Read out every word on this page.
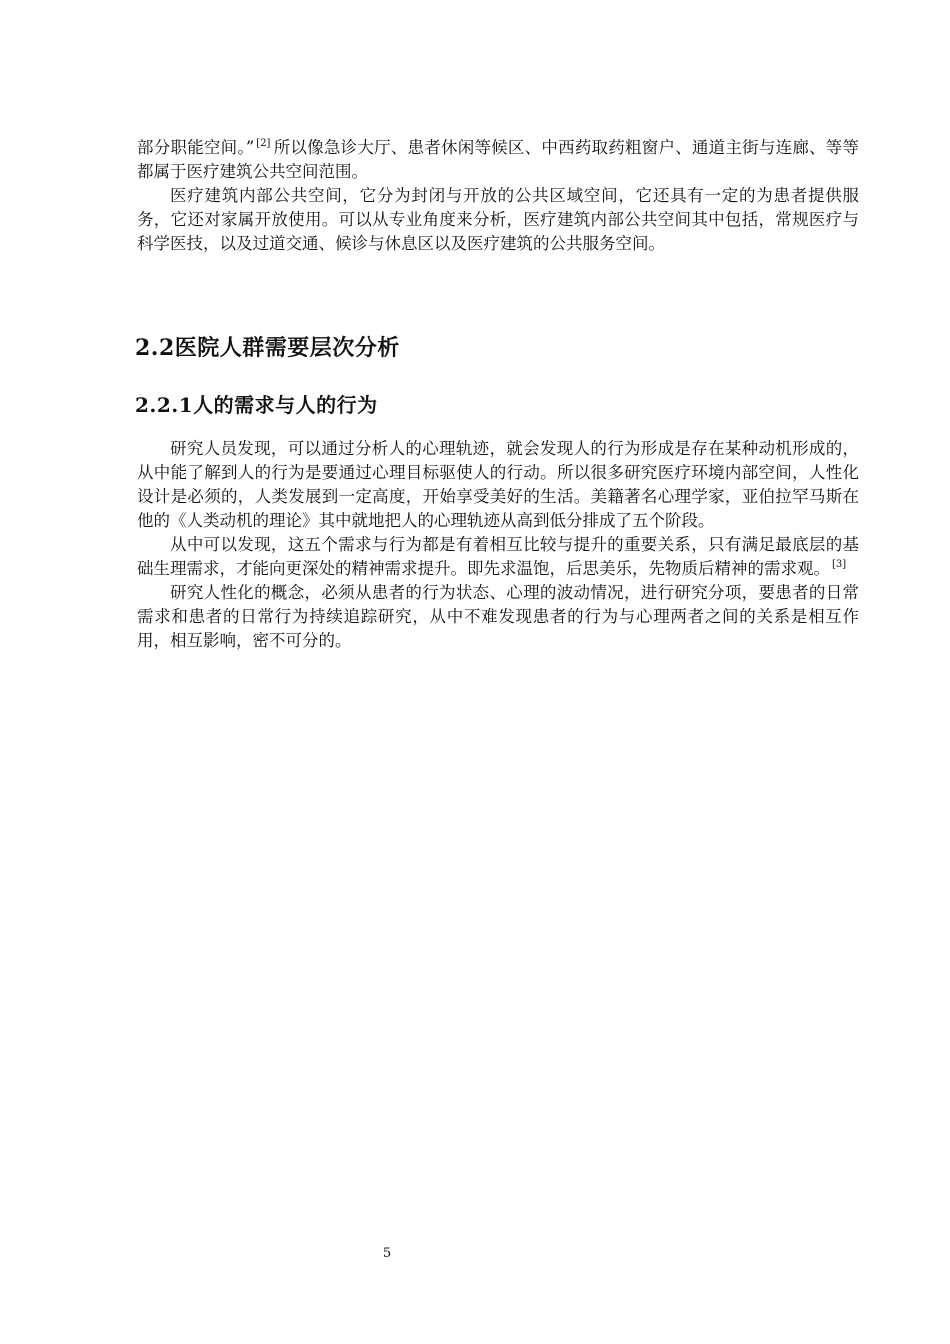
部分职能空间。” [2] 所以像急诊大厅、患者休闲等候区、中西药取药粗窗户、通道主街与连廊、等等都属于医疗建筑公共空间范围。

医疗建筑内部公共空间，它分为封闭与开放的公共区域空间，它还具有一定的为患者提供服务，它还对家属开放使用。可以从专业角度来分析，医疗建筑内部公共空间其中包括，常规医疗与科学医技，以及过道交通、候诊与休息区以及医疗建筑的公共服务空间。

2.2医院人群需要层次分析
2.2.1人的需求与人的行为

研究人员发现，可以通过分析人的心理轨迹，就会发现人的行为形成是存在某种动机形成的，从中能了解到人的行为是要通过心理目标驱使人的行动。所以很多研究医疗环境内部空间，人性化设计是必须的，人类发展到一定高度，开始享受美好的生活。美籍著名心理学家，亚伯拉罕马斯在他的《人类动机的理论》其中就地把人的心理轨迹从高到低分排成了五个阶段。

从中可以发现，这五个需求与行为都是有着相互比较与提升的重要关系，只有满足最底层的基础生理需求，才能向更深处的精神需求提升。即先求温饱，后思美乐，先物质后精神的需求观。 [3]

研究人性化的概念，必须从患者的行为状态、心理的波动情况，进行研究分项，要患者的日常需求和患者的日常行为持续追踪研究，从中不难发现患者的行为与心理两者之间的关系是相互作用，相互影响，密不可分的。

5
